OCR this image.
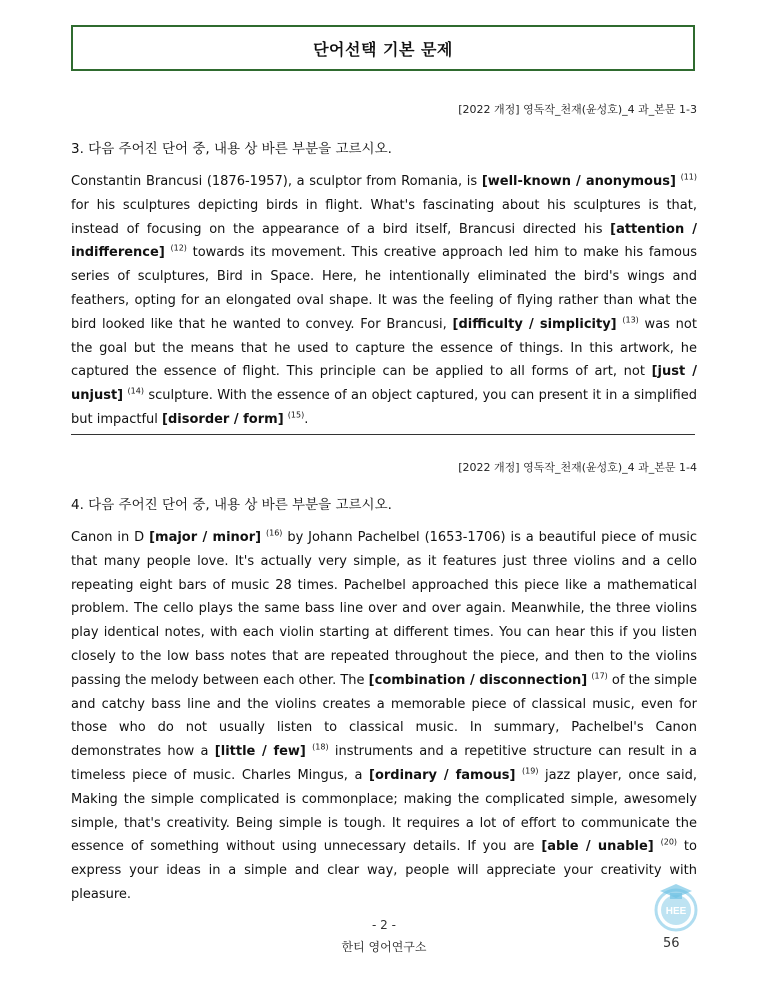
단어선택 기본 문제
[2022 개정] 영독작_천재(윤성호)_4 과_본문 1-3
3. 다음 주어진 단어 중, 내용 상 바른 부분을 고르시오.
Constantin Brancusi (1876-1957), a sculptor from Romania, is [well-known / anonymous] $^{(11)}$ for his sculptures depicting birds in flight. What's fascinating about his sculptures is that, instead of focusing on the appearance of a bird itself, Brancusi directed his [attention / indifference] $^{(12)}$ towards its movement. This creative approach led him to make his famous series of sculptures, Bird in Space. Here, he intentionally eliminated the bird's wings and feathers, opting for an elongated oval shape. It was the feeling of flying rather than what the bird looked like that he wanted to convey. For Brancusi, [difficulty / simplicity] $^{(13)}$ was not the goal but the means that he used to capture the essence of things. In this artwork, he captured the essence of flight. This principle can be applied to all forms of art, not [just / unjust] $^{(14)}$ sculpture. With the essence of an object captured, you can present it in a simplified but impactful [disorder / form] $^{(15)}$.
[2022 개정] 영독작_천재(윤성호)_4 과_본문 1-4
4. 다음 주어진 단어 중, 내용 상 바른 부분을 고르시오.
Canon in D [major / minor] $^{(16)}$ by Johann Pachelbel (1653-1706) is a beautiful piece of music that many people love. It's actually very simple, as it features just three violins and a cello repeating eight bars of music 28 times. Pachelbel approached this piece like a mathematical problem. The cello plays the same bass line over and over again. Meanwhile, the three violins play identical notes, with each violin starting at different times. You can hear this if you listen closely to the low bass notes that are repeated throughout the piece, and then to the violins passing the melody between each other. The [combination / disconnection] $^{(17)}$ of the simple and catchy bass line and the violins creates a memorable piece of classical music, even for those who do not usually listen to classical music. In summary, Pachelbel's Canon demonstrates how a [little / few] $^{(18)}$ instruments and a repetitive structure can result in a timeless piece of music. Charles Mingus, a [ordinary / famous] $^{(19)}$ jazz player, once said, Making the simple complicated is commonplace; making the complicated simple, awesomely simple, that's creativity. Being simple is tough. It requires a lot of effort to communicate the essence of something without using unnecessary details. If you are [able / unable] $^{(20)}$ to express your ideas in a simple and clear way, people will appreciate your creativity with pleasure.
HEE
- 2 -
한티 영어연구소	56
